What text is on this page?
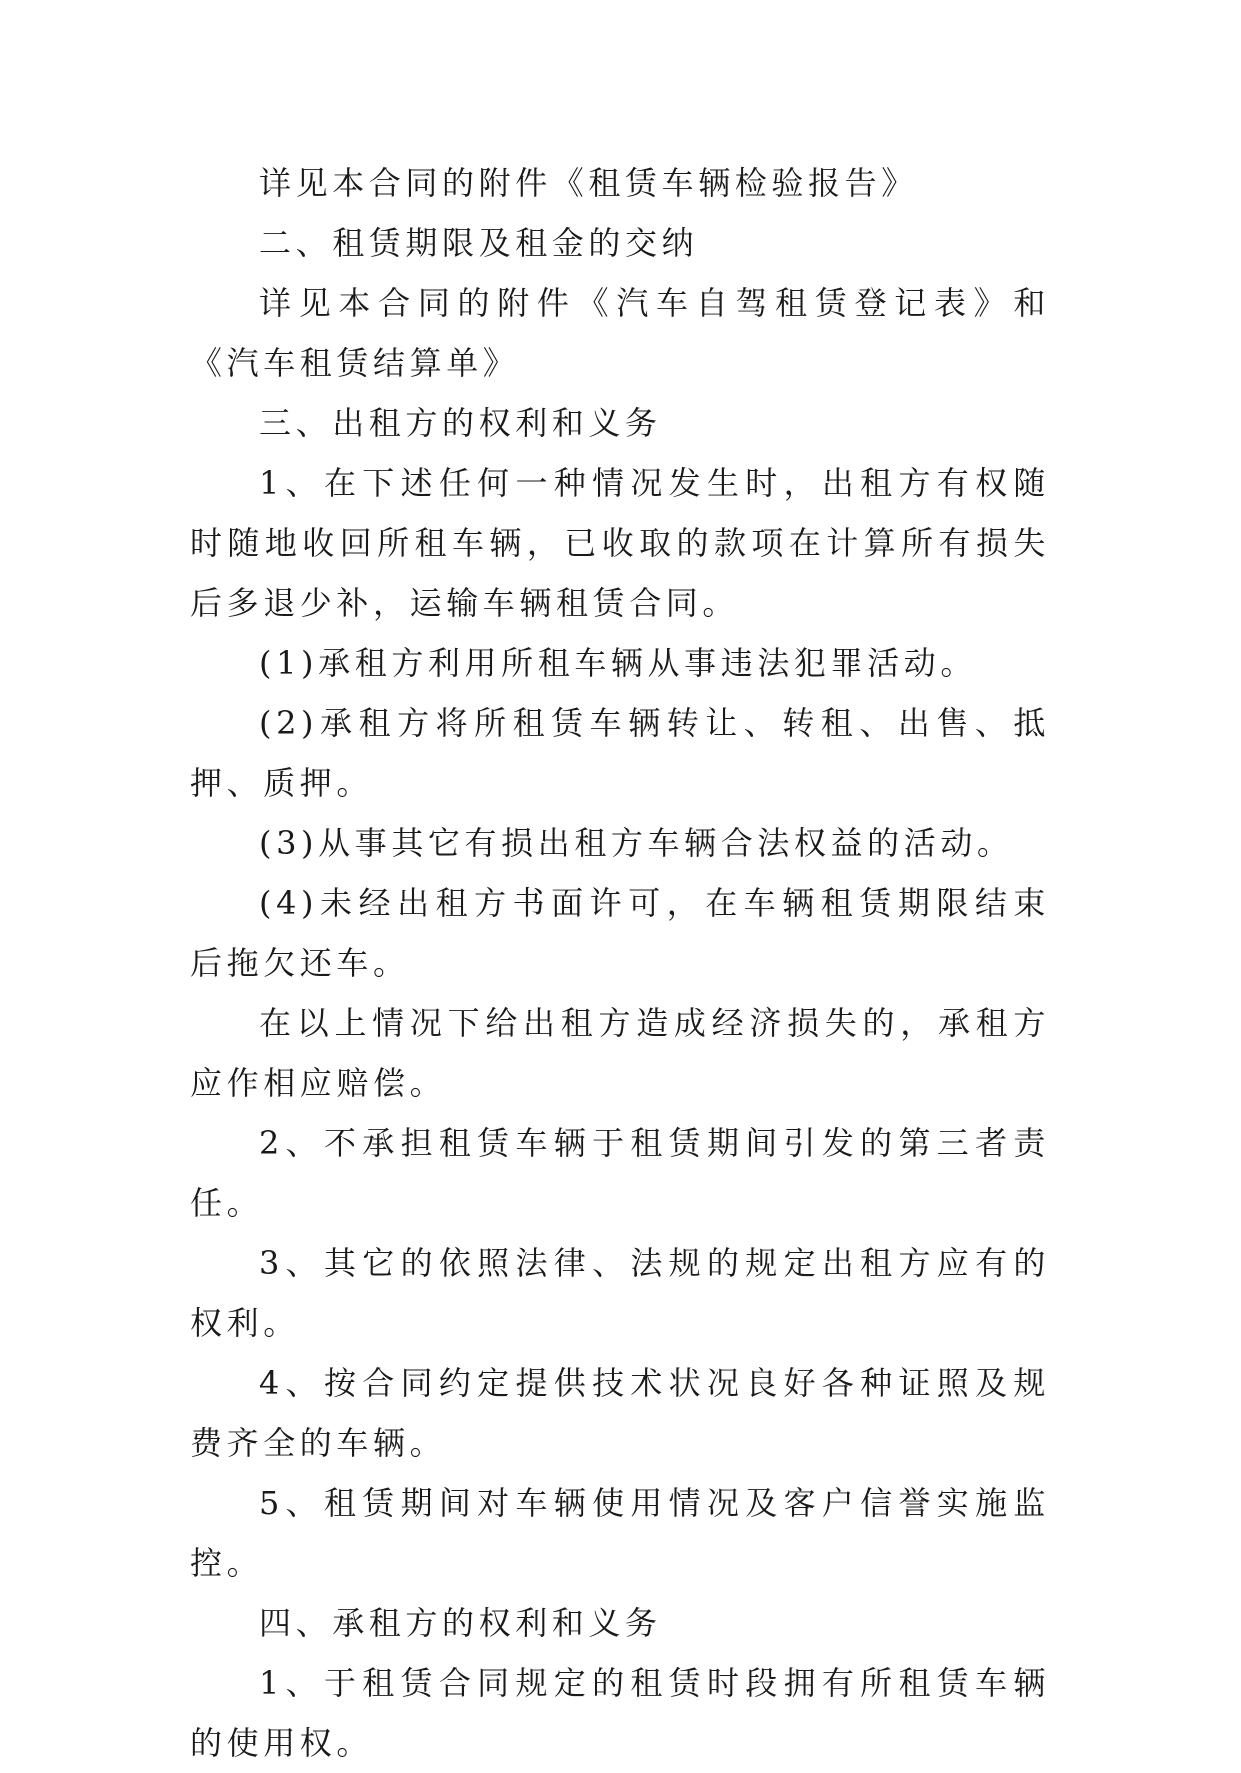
详见本合同的附件《租赁车辆检验报告》

二、租赁期限及租金的交纳

详见本合同的附件《汽车自驾租赁登记表》和《汽车租赁结算单》

三、出租方的权利和义务

1、在下述任何一种情况发生时，出租方有权随时随地收回所租车辆，已收取的款项在计算所有损失后多退少补，运输车辆租赁合同。

(1)承租方利用所租车辆从事违法犯罪活动。

(2)承租方将所租赁车辆转让、转租、出售、抵押、质押。

(3)从事其它有损出租方车辆合法权益的活动。

(4)未经出租方书面许可，在车辆租赁期限结束后拖欠还车。

在以上情况下给出租方造成经济损失的，承租方应作相应赔偿。

2、不承担租赁车辆于租赁期间引发的第三者责任。

3、其它的依照法律、法规的规定出租方应有的权利。

4、按合同约定提供技术状况良好各种证照及规费齐全的车辆。

5、租赁期间对车辆使用情况及客户信誉实施监控。

四、承租方的权利和义务

1、于租赁合同规定的租赁时段拥有所租赁车辆的使用权。
